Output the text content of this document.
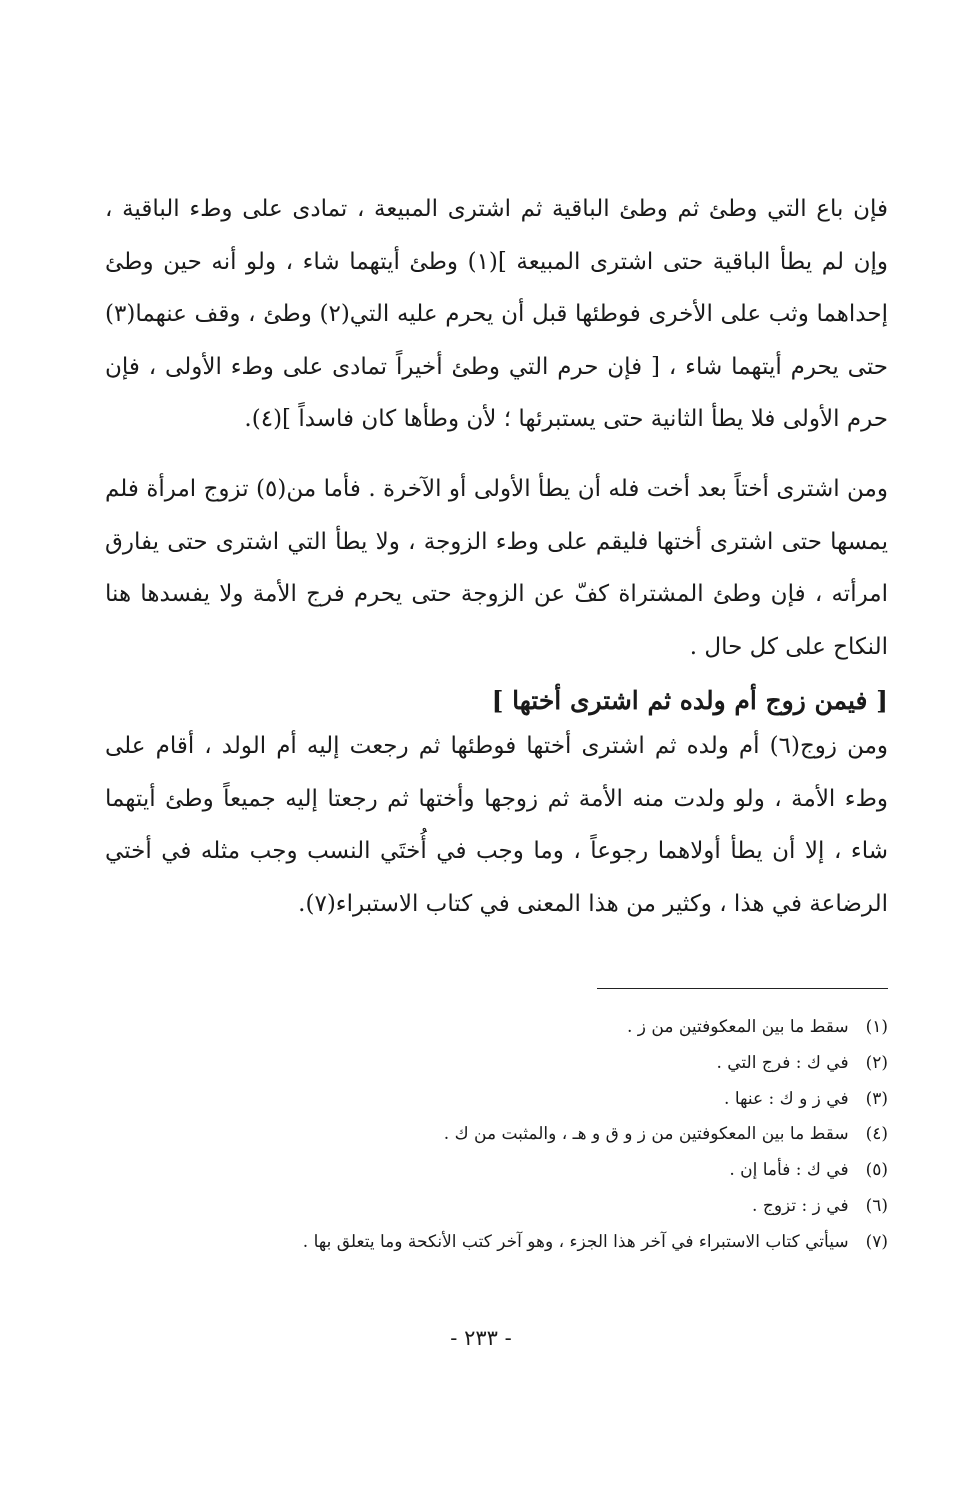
فإن باع التي وطئ ثم وطئ الباقية ثم اشترى المبيعة ، تمادى على وطء الباقية ، وإن لم يطأ الباقية حتى اشترى المبيعة ](١) وطئ أيتهما شاء ، ولو أنه حين وطئ إحداهما وثب على الأخرى فوطئها قبل أن يحرم عليه التي(٢) وطئ ، وقف عنهما(٣) حتى يحرم أيتهما شاء ، [ فإن حرم التي وطئ أخيراً تمادى على وطء الأولى ، فإن حرم الأولى فلا يطأ الثانية حتى يستبرئها ؛ لأن وطأها كان فاسداً ](٤).

ومن اشترى أختاً بعد أخت فله أن يطأ الأولى أو الآخرة . فأما من(٥) تزوج امرأة فلم يمسها حتى اشترى أختها فليقم على وطء الزوجة ، ولا يطأ التي اشترى حتى يفارق امرأته ، فإن وطئ المشتراة كفّ عن الزوجة حتى يحرم فرج الأمة ولا يفسدها هنا النكاح على كل حال .

[ فيمن زوج أم ولده ثم اشترى أختها ]

ومن زوج(٦) أم ولده ثم اشترى أختها فوطئها ثم رجعت إليه أم الولد ، أقام على وطء الأمة ، ولو ولدت منه الأمة ثم زوجها وأختها ثم رجعتا إليه جميعاً وطئ أيتهما شاء ، إلا أن يطأ أولاهما رجوعاً ، وما وجب في أُختَي النسب وجب مثله في أختي الرضاعة في هذا ، وكثير من هذا المعنى في كتاب الاستبراء(٧).

(١) سقط ما بين المعكوفتين من ز .
(٢) في ك : فرج التي .
(٣) في ز و ك : عنها .
(٤) سقط ما بين المعكوفتين من ز و ق و هـ ، والمثبت من ك .
(٥) في ك : فأما إن .
(٦) في ز : تزوج .
(٧) سيأتي كتاب الاستبراء في آخر هذا الجزء ، وهو آخر كتب الأنكحة وما يتعلق بها .
- ٢٣٣ -
